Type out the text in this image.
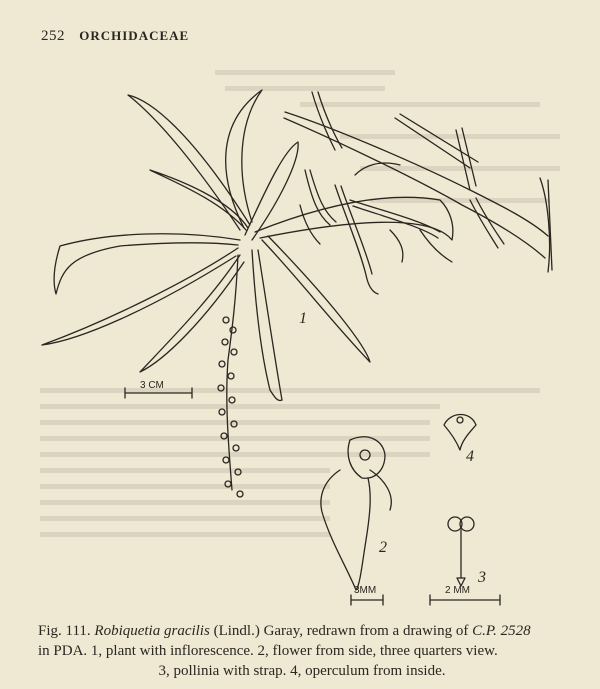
252 ORCHIDACEAE
1
2
3
4
3 CM
3MM	2 MM
Fig. 111. Robiquetia gracilis (Lindl.) Garay, redrawn from a drawing of C.P. 2528
in PDA. 1, plant with inflorescence. 2, flower from side, three quarters view.
3, pollinia with strap. 4, operculum from inside.
